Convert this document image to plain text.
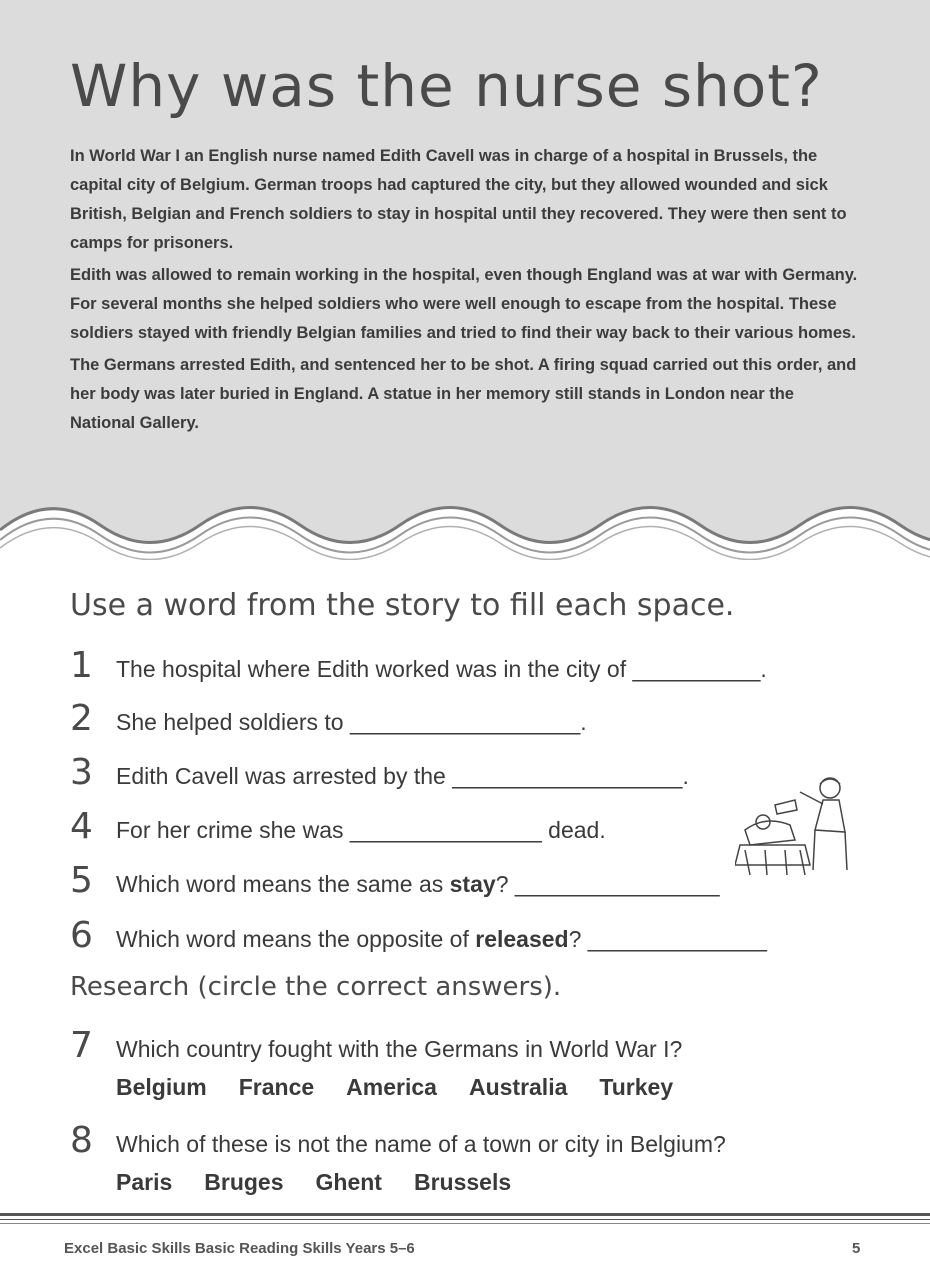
Why was the nurse shot?

In World War I an English nurse named Edith Cavell was in charge of a hospital in Brussels, the capital city of Belgium. German troops had captured the city, but they allowed wounded and sick British, Belgian and French soldiers to stay in hospital until they recovered. They were then sent to camps for prisoners.

Edith was allowed to remain working in the hospital, even though England was at war with Germany. For several months she helped soldiers who were well enough to escape from the hospital. These soldiers stayed with friendly Belgian families and tried to find their way back to their various homes.

The Germans arrested Edith, and sentenced her to be shot. A firing squad carried out this order, and her body was later buried in England. A statue in her memory still stands in London near the National Gallery.

Use a word from the story to fill each space.
1	The hospital where Edith worked was in the city of __________.
2	She helped soldiers to __________________.
3	Edith Cavell was arrested by the __________________.
4	For her crime she was _______________ dead.
5	Which word means the same as stay? ________________
6	Which word means the opposite of released? ______________
Research (circle the correct answers).
7	Which country fought with the Germans in World War I?
Belgium France America Australia Turkey
8	Which of these is not the name of a town or city in Belgium?
Paris Bruges Ghent Brussels
Excel Basic Skills Basic Reading Skills Years 5–6	5
